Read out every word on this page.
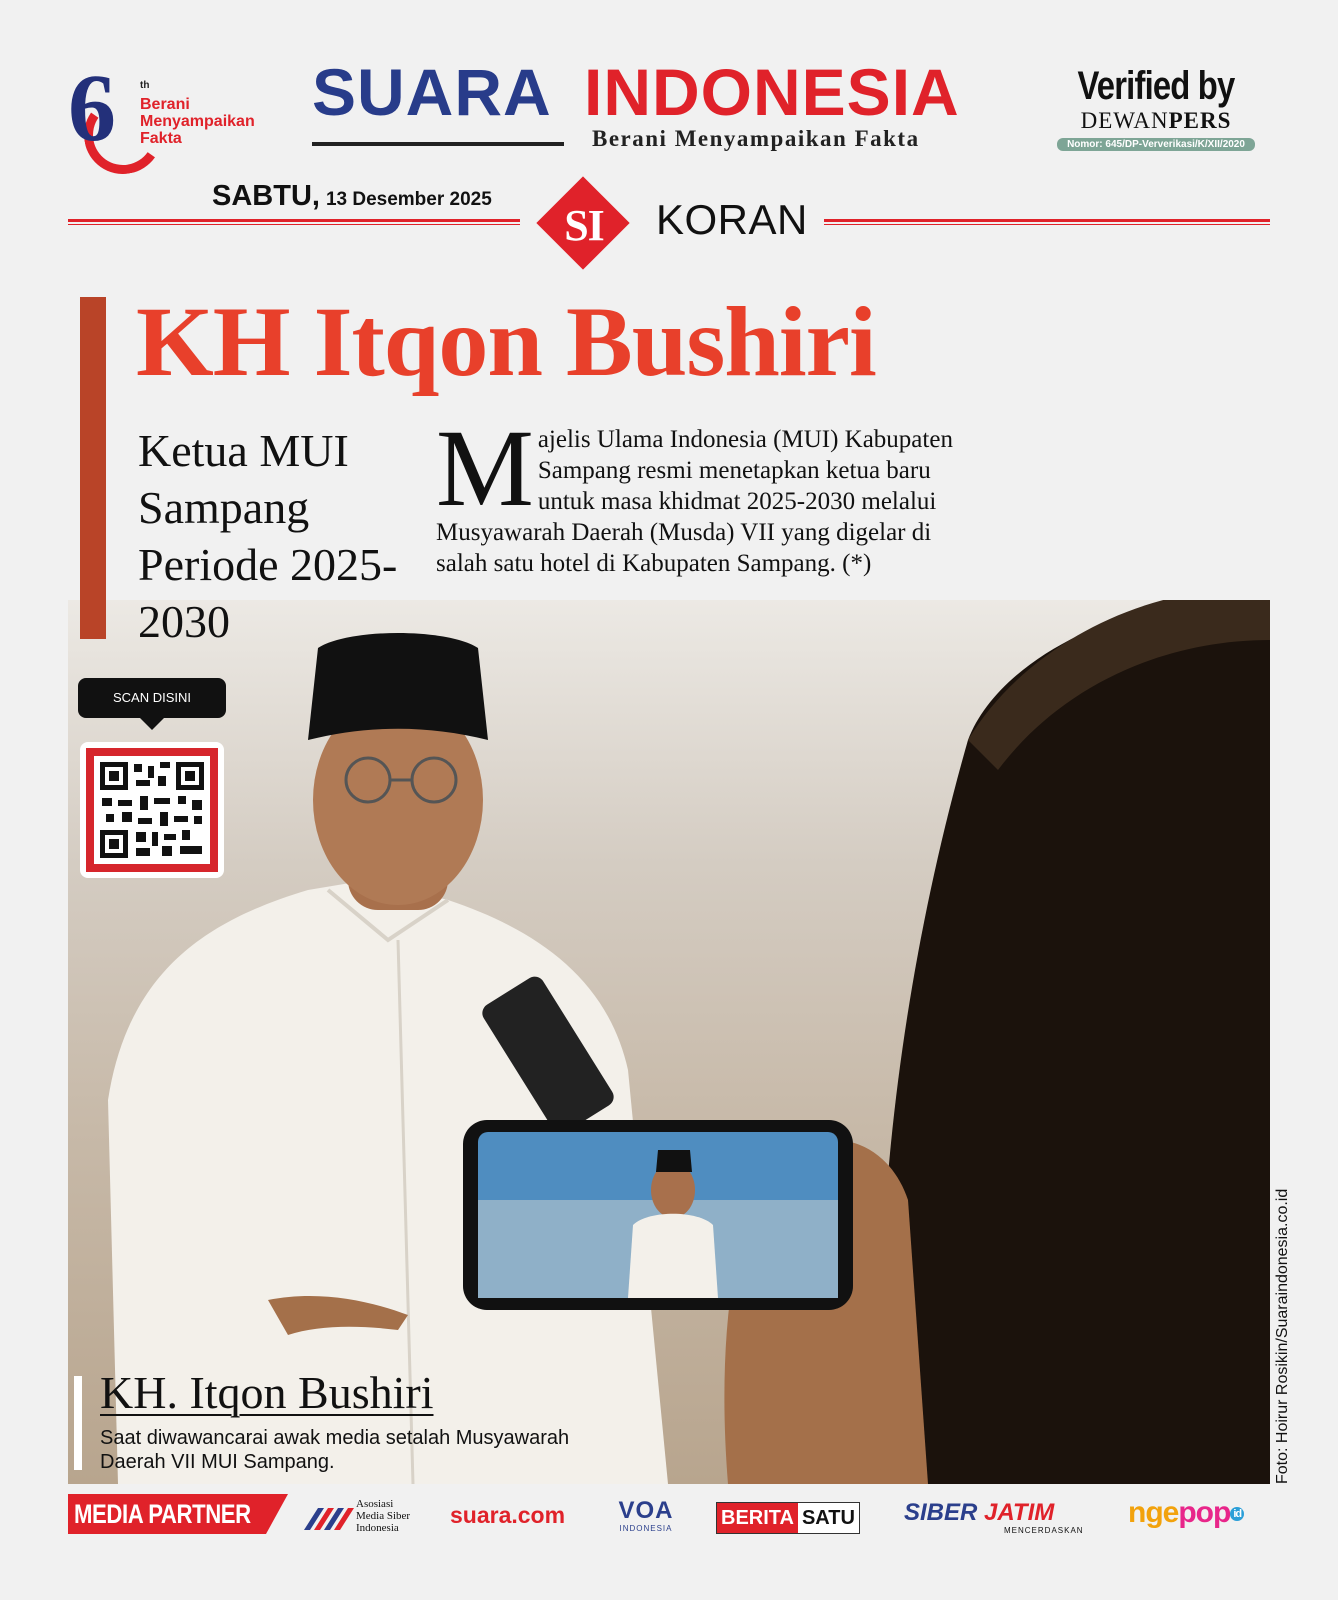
6 th
Berani Menyampaikan Fakta
SUARA INDONESIA
Berani Menyampaikan Fakta
Verified by
DEWANPERS
Nomor: 645/DP-Ververikasi/K/XII/2020
SABTU, 13 Desember 2025
SI	KORAN
KH Itqon Bushiri
Ketua MUI Sampang Periode 2025-2030
Majelis Ulama Indonesia (MUI) Kabupaten Sampang resmi menetapkan ketua baru untuk masa khidmat 2025-2030 melalui Musyawarah Daerah (Musda) VII yang digelar di salah satu hotel di Kabupaten Sampang. (*)
SCAN DISINI
KH. Itqon Bushiri
Saat diwawancarai awak media setalah Musyawarah Daerah VII MUI Sampang.	Foto: Hoirur Rosikin/Suaraindonesia.co.id
MEDIA PARTNER	Asosiasi Media Siber Indonesia	suara.com VOA
INDONESIA BERITA SATU SIBER JATIM
MENCERDASKAN
ngepop id
